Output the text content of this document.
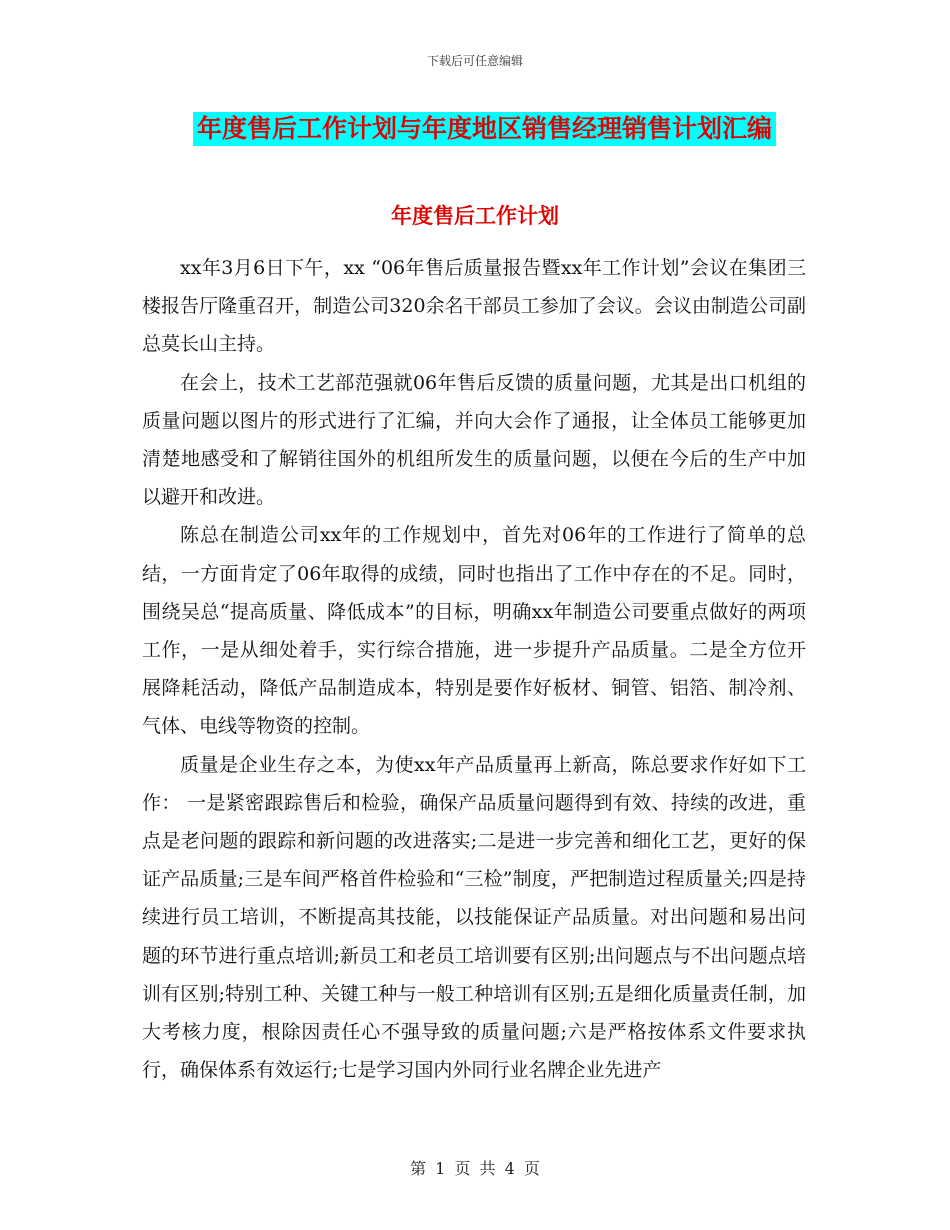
下载后可任意编辑
年度售后工作计划与年度地区销售经理销售计划汇编
年度售后工作计划

xx年3月6日下午，xx “06年售后质量报告暨xx年工作计划”会议在集团三楼报告厅隆重召开，制造公司320余名干部员工参加了会议。会议由制造公司副总莫长山主持。

在会上，技术工艺部范强就06年售后反馈的质量问题，尤其是出口机组的质量问题以图片的形式进行了汇编，并向大会作了通报，让全体员工能够更加清楚地感受和了解销往国外的机组所发生的质量问题，以便在今后的生产中加以避开和改进。

陈总在制造公司xx年的工作规划中，首先对06年的工作进行了简单的总结，一方面肯定了06年取得的成绩，同时也指出了工作中存在的不足。同时，围绕吴总“提高质量、降低成本”的目标，明确xx年制造公司要重点做好的两项工作，一是从细处着手，实行综合措施，进一步提升产品质量。二是全方位开展降耗活动，降低产品制造成本，特别是要作好板材、铜管、铝箔、制冷剂、气体、电线等物资的控制。

质量是企业生存之本，为使xx年产品质量再上新高，陈总要求作好如下工作： 一是紧密跟踪售后和检验，确保产品质量问题得到有效、持续的改进，重点是老问题的跟踪和新问题的改进落实;二是进一步完善和细化工艺，更好的保证产品质量;三是车间严格首件检验和“三检”制度，严把制造过程质量关;四是持续进行员工培训，不断提高其技能，以技能保证产品质量。对出问题和易出问题的环节进行重点培训;新员工和老员工培训要有区别;出问题点与不出问题点培训有区别;特别工种、关键工种与一般工种培训有区别;五是细化质量责任制，加大考核力度，根除因责任心不强导致的质量问题;六是严格按体系文件要求执行，确保体系有效运行;七是学习国内外同行业名牌企业先进产

第 1 页 共 4 页
